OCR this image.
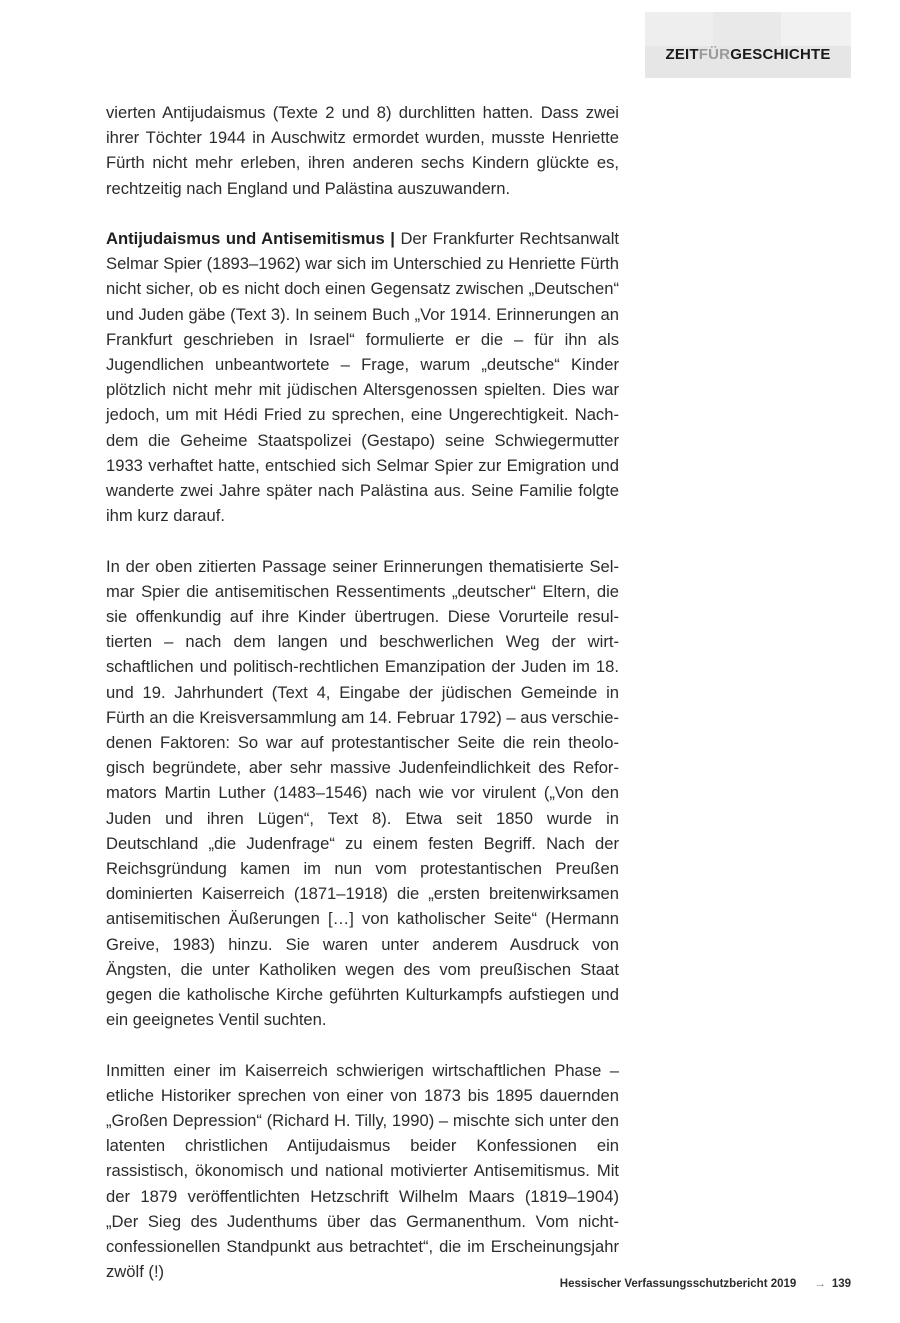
ZEITFÜRGESCHICHTE

vierten Antijudaismus (Texte 2 und 8) durchlitten hatten. Dass zwei ihrer Töchter 1944 in Auschwitz ermordet wurden, musste Henriette Fürth nicht mehr erleben, ihren anderen sechs Kindern glückte es, rechtzeitig nach England und Palästina auszuwandern.

Antijudaismus und Antisemitismus | Der Frankfurter Rechtsanwalt Selmar Spier (1893–1962) war sich im Unterschied zu Henriette Fürth nicht sicher, ob es nicht doch einen Gegensatz zwischen „Deutschen“ und Juden gäbe (Text 3). In seinem Buch „Vor 1914. Erinnerungen an Frankfurt geschrieben in Israel“ formulierte er die – für ihn als Jugendlichen unbeantwortete – Frage, warum „deutsche“ Kinder plötzlich nicht mehr mit jüdischen Altersgenossen spielten. Dies war jedoch, um mit Hédi Fried zu sprechen, eine Ungerechtigkeit. Nachdem die Geheime Staatspolizei (Gestapo) seine Schwiegermutter 1933 verhaftet hatte, entschied sich Selmar Spier zur Emigration und wanderte zwei Jahre später nach Palästina aus. Seine Familie folgte ihm kurz darauf.

In der oben zitierten Passage seiner Erinnerungen thematisierte Selmar Spier die antisemitischen Ressentiments „deutscher“ Eltern, die sie offenkundig auf ihre Kinder übertrugen. Diese Vorurteile resultierten – nach dem langen und beschwerlichen Weg der wirtschaftlichen und politisch-rechtlichen Emanzipation der Juden im 18. und 19. Jahrhundert (Text 4, Eingabe der jüdischen Gemeinde in Fürth an die Kreisversammlung am 14. Februar 1792) – aus verschiedenen Faktoren: So war auf protestantischer Seite die rein theologisch begründete, aber sehr massive Judenfeindlichkeit des Reformators Martin Luther (1483–1546) nach wie vor virulent („Von den Juden und ihren Lügen“, Text 8). Etwa seit 1850 wurde in Deutschland „die Judenfrage“ zu einem festen Begriff. Nach der Reichsgründung kamen im nun vom protestantischen Preußen dominierten Kaiserreich (1871–1918) die „ersten breitenwirksamen antisemitischen Äußerungen […] von katholischer Seite“ (Hermann Greive, 1983) hinzu. Sie waren unter anderem Ausdruck von Ängsten, die unter Katholiken wegen des vom preußischen Staat gegen die katholische Kirche geführten Kulturkampfs aufstiegen und ein geeignetes Ventil suchten.

Inmitten einer im Kaiserreich schwierigen wirtschaftlichen Phase – etliche Historiker sprechen von einer von 1873 bis 1895 dauernden „Großen Depression“ (Richard H. Tilly, 1990) – mischte sich unter den latenten christlichen Antijudaismus beider Konfessionen ein rassistisch, ökonomisch und national motivierter Antisemitismus. Mit der 1879 veröffentlichten Hetzschrift Wilhelm Maars (1819–1904) „Der Sieg des Judenthums über das Germanenthum. Vom nicht-confessionellen Standpunkt aus betrachtet“, die im Erscheinungsjahr zwölf (!)

Hessischer Verfassungsschutzbericht 2019 → 139
